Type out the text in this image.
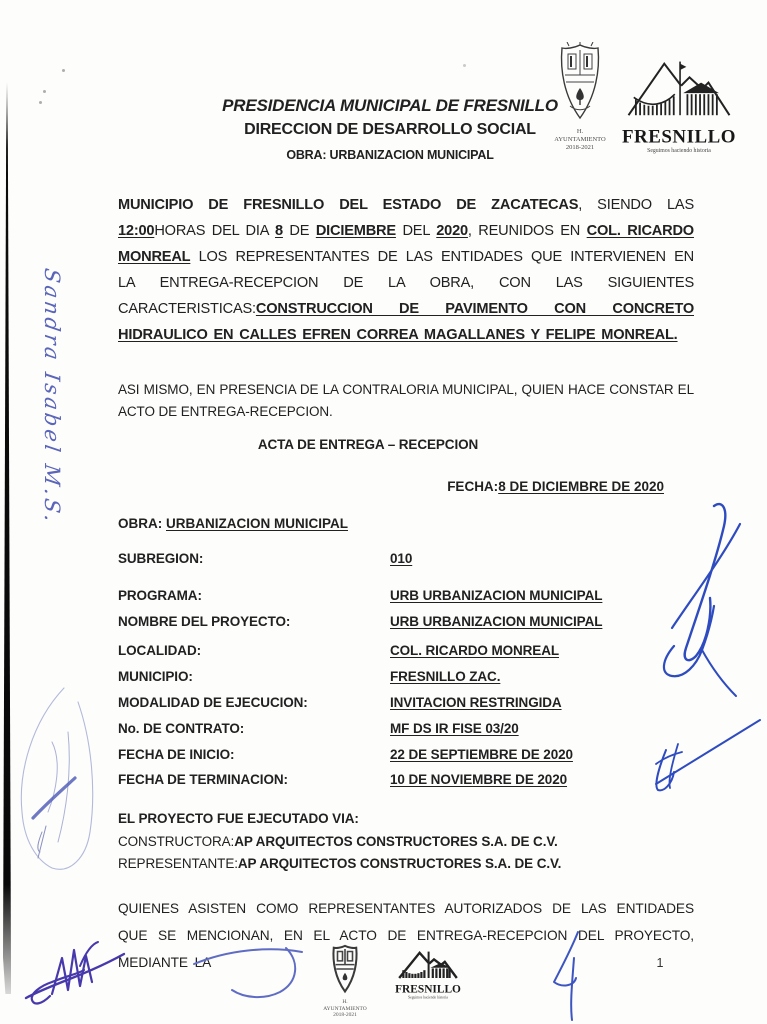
PRESIDENCIA MUNICIPAL DE FRESNILLO
DIRECCION DE DESARROLLO SOCIAL
OBRA: URBANIZACION MUNICIPAL
H. AYUNTAMIENTO
2018-2021	FRESNILLO
Seguimos haciendo historia

MUNICIPIO DE FRESNILLO DEL ESTADO DE ZACATECAS, SIENDO LAS 12:00HORAS DEL DIA 8 DE DICIEMBRE DEL 2020, REUNIDOS EN COL. RICARDO MONREAL LOS REPRESENTANTES DE LAS ENTIDADES QUE INTERVIENEN EN LA ENTREGA-RECEPCION DE LA OBRA, CON LAS SIGUIENTES CARACTERISTICAS:CONSTRUCCION DE PAVIMENTO CON CONCRETO HIDRAULICO EN CALLES EFREN CORREA MAGALLANES Y FELIPE MONREAL.

ASI MISMO, EN PRESENCIA DE LA CONTRALORIA MUNICIPAL, QUIEN HACE CONSTAR EL ACTO DE ENTREGA-RECEPCION.

ACTA DE ENTREGA – RECEPCION
FECHA:8 DE DICIEMBRE DE 2020
OBRA: URBANIZACION MUNICIPAL
SUBREGION:	010
PROGRAMA:	URB URBANIZACION MUNICIPAL
NOMBRE DEL PROYECTO:	URB URBANIZACION MUNICIPAL
LOCALIDAD:	COL. RICARDO MONREAL
MUNICIPIO:	FRESNILLO ZAC.
MODALIDAD DE EJECUCION:	INVITACION RESTRINGIDA
No. DE CONTRATO:	MF DS IR FISE 03/20
FECHA DE INICIO:	22 DE SEPTIEMBRE DE 2020
FECHA DE TERMINACION:	10 DE NOVIEMBRE DE 2020
EL PROYECTO FUE EJECUTADO VIA:
CONSTRUCTORA:AP ARQUITECTOS CONSTRUCTORES S.A. DE C.V.
REPRESENTANTE:AP ARQUITECTOS CONSTRUCTORES S.A. DE C.V.

QUIENES ASISTEN COMO REPRESENTANTES AUTORIZADOS DE LAS ENTIDADES QUE SE MENCIONAN, EN EL ACTO DE ENTREGA-RECEPCION DEL PROYECTO, MEDIANTE LA

H. AYUNTAMIENTO
2018-2021
FRESNILLO
Seguimos haciendo historia
1
Sandra Isabel M.S.
